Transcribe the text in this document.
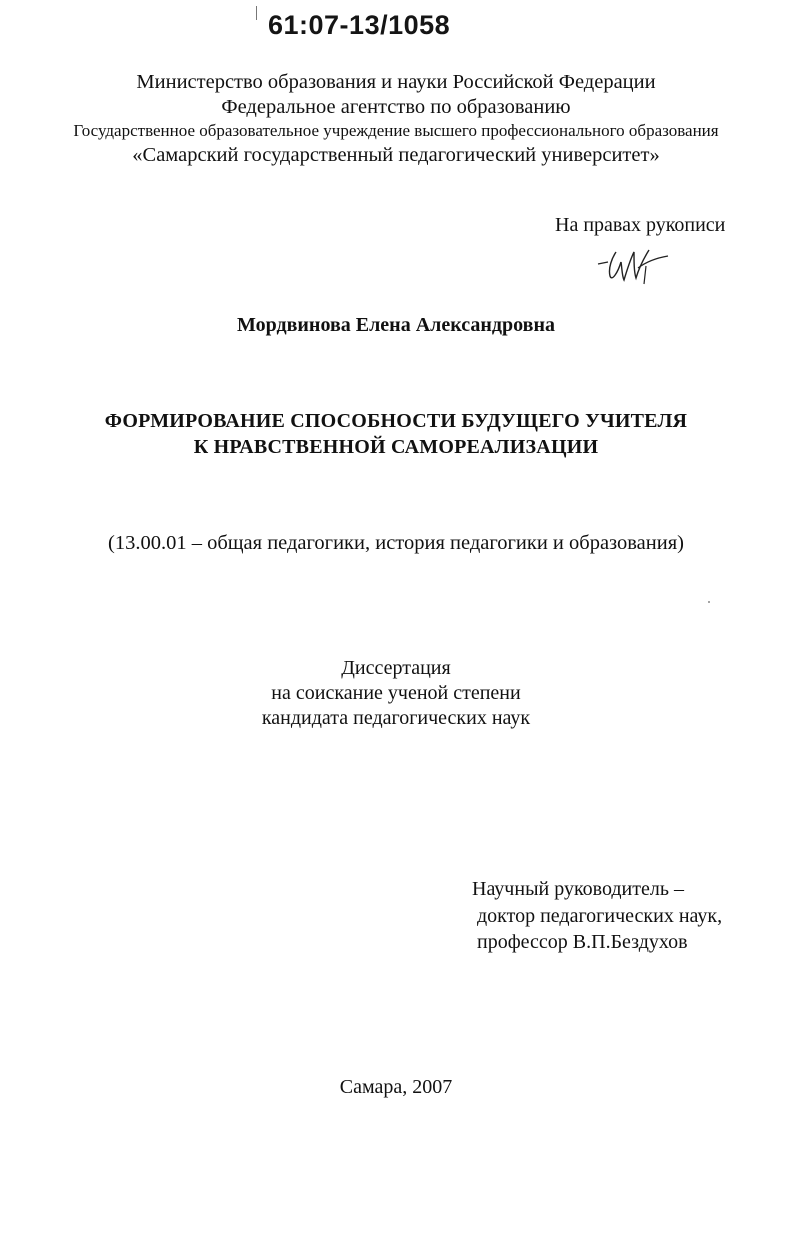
61:07-13/1058
Министерство образования и науки Российской Федерации
Федеральное агентство по образованию
Государственное образовательное учреждение высшего профессионального образования
«Самарский государственный педагогический университет»
На правах рукописи
Мордвинова Елена Александровна
ФОРМИРОВАНИЕ СПОСОБНОСТИ БУДУЩЕГО УЧИТЕЛЯ
К НРАВСТВЕННОЙ САМОРЕАЛИЗАЦИИ
(13.00.01 – общая педагогики, история педагогики и образования)
Диссертация
на соискание ученой степени
кандидата педагогических наук
Научный руководитель –
доктор педагогических наук,
профессор В.П.Бездухов
Самара, 2007
